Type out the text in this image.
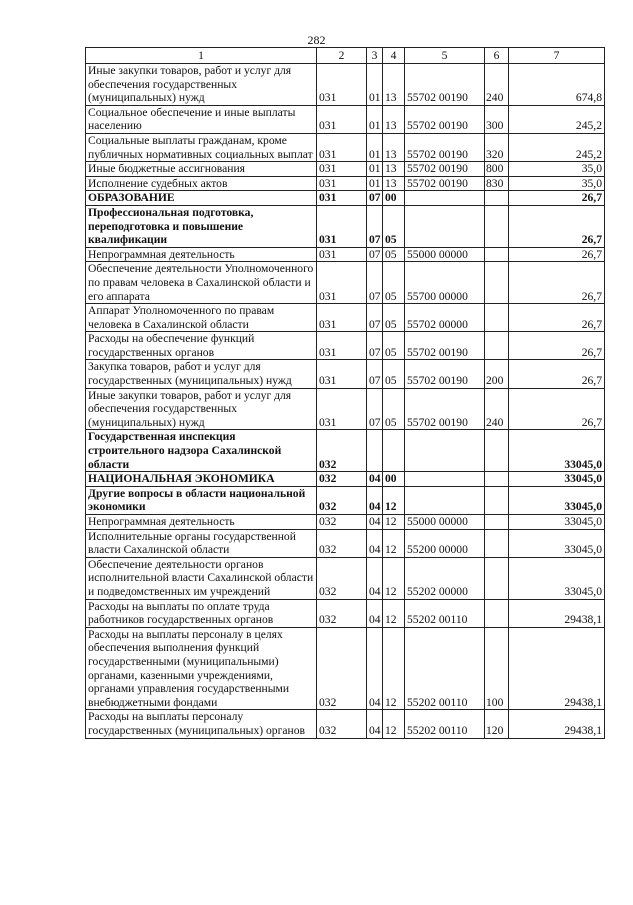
282
1	2	3	4	5	6	7
Иные закупки товаров, работ и услуг для обеспечения государственных (муниципальных) нужд	031	01	13	55702 00190	240	674,8
Социальное обеспечение и иные выплаты населению	031	01	13	55702 00190	300	245,2
Социальные выплаты гражданам, кроме публичных нормативных социальных выплат	031	01	13	55702 00190	320	245,2
Иные бюджетные ассигнования	031	01	13	55702 00190	800	35,0
Исполнение судебных актов	031	01	13	55702 00190	830	35,0
ОБРАЗОВАНИЕ	031	07	00			26,7
Профессиональная подготовка, переподготовка и повышение квалификации	031	07	05			26,7
Непрограммная деятельность	031	07	05	55000 00000		26,7
Обеспечение деятельности Уполномоченного по правам человека в Сахалинской области и его аппарата	031	07	05	55700 00000		26,7
Аппарат Уполномоченного по правам человека в Сахалинской области	031	07	05	55702 00000		26,7
Расходы на обеспечение функций государственных органов	031	07	05	55702 00190		26,7
Закупка товаров, работ и услуг для государственных (муниципальных) нужд	031	07	05	55702 00190	200	26,7
Иные закупки товаров, работ и услуг для обеспечения государственных (муниципальных) нужд	031	07	05	55702 00190	240	26,7
Государственная инспекция строительного надзора Сахалинской области	032					33045,0
НАЦИОНАЛЬНАЯ ЭКОНОМИКА	032	04	00			33045,0
Другие вопросы в области национальной экономики	032	04	12			33045,0
Непрограммная деятельность	032	04	12	55000 00000		33045,0
Исполнительные органы государственной власти Сахалинской области	032	04	12	55200 00000		33045,0
Обеспечение деятельности органов исполнительной власти Сахалинской области и подведомственных им учреждений	032	04	12	55202 00000		33045,0
Расходы на выплаты по оплате труда работников государственных органов	032	04	12	55202 00110		29438,1
Расходы на выплаты персоналу в целях обеспечения выполнения функций государственными (муниципальными) органами, казенными учреждениями, органами управления государственными внебюджетными фондами	032	04	12	55202 00110	100	29438,1
Расходы на выплаты персоналу государственных (муниципальных) органов	032	04	12	55202 00110	120	29438,1
